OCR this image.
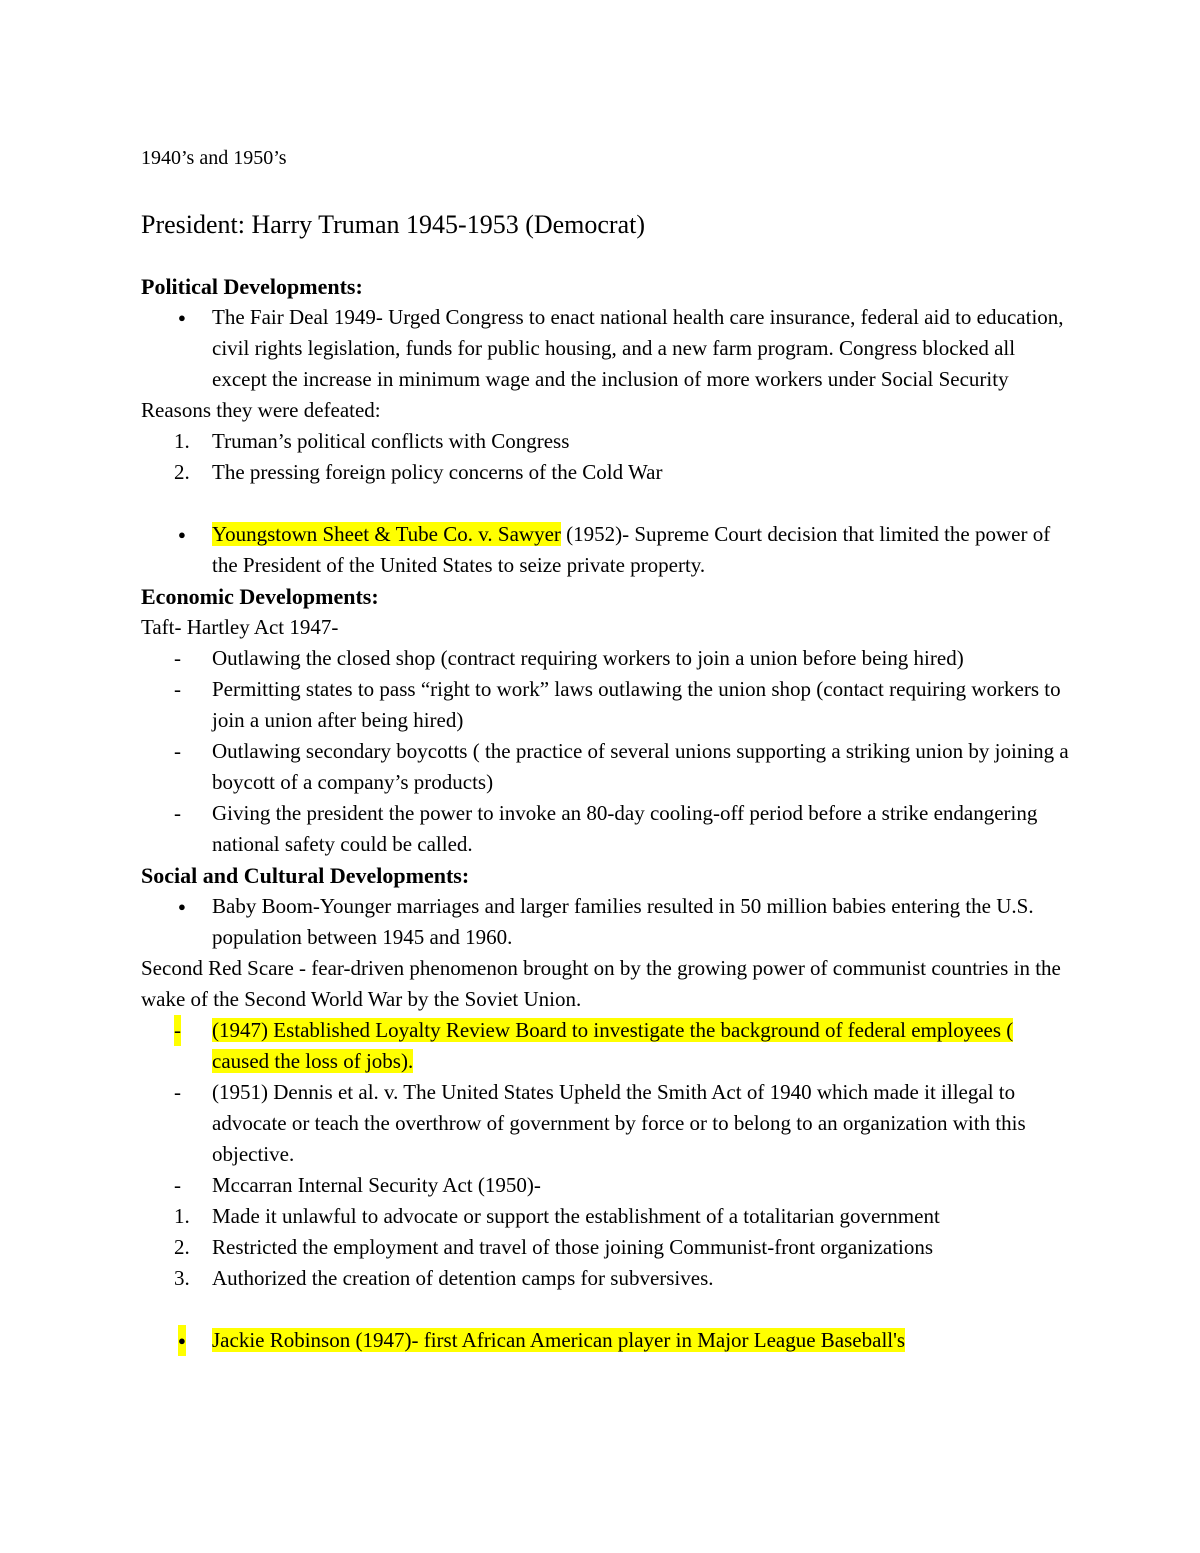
1940’s and 1950’s

President: Harry Truman 1945-1953 (Democrat)

Political Developments:

● The Fair Deal 1949- Urged Congress to enact national health care insurance, federal aid to education, civil rights legislation, funds for public housing, and a new farm program. Congress blocked all except the increase in minimum wage and the inclusion of more workers under Social Security

Reasons they were defeated:

1. Truman’s political conflicts with Congress
2. The pressing foreign policy concerns of the Cold War
● Youngstown Sheet & Tube Co. v. Sawyer (1952)- Supreme Court decision that limited the power of the President of the United States to seize private property.

Economic Developments:

Taft- Hartley Act 1947-

- Outlawing the closed shop (contract requiring workers to join a union before being hired)
- Permitting states to pass “right to work” laws outlawing the union shop (contact requiring workers to join a union after being hired)
- Outlawing secondary boycotts ( the practice of several unions supporting a striking union by joining a boycott of a company’s products)
- Giving the president the power to invoke an 80-day cooling-off period before a strike endangering national safety could be called.

Social and Cultural Developments:

● Baby Boom-Younger marriages and larger families resulted in 50 million babies entering the U.S. population between 1945 and 1960.

Second Red Scare - fear-driven phenomenon brought on by the growing power of communist countries in the wake of the Second World War by the Soviet Union.

- (1947) Established Loyalty Review Board to investigate the background of federal employees ( caused the loss of jobs).
- (1951) Dennis et al. v. The United States Upheld the Smith Act of 1940 which made it illegal to advocate or teach the overthrow of government by force or to belong to an organization with this objective.
- Mccarran Internal Security Act (1950)-
1. Made it unlawful to advocate or support the establishment of a totalitarian government
2. Restricted the employment and travel of those joining Communist-front organizations
3. Authorized the creation of detention camps for subversives.
● Jackie Robinson (1947)- first African American player in Major League Baseball's
